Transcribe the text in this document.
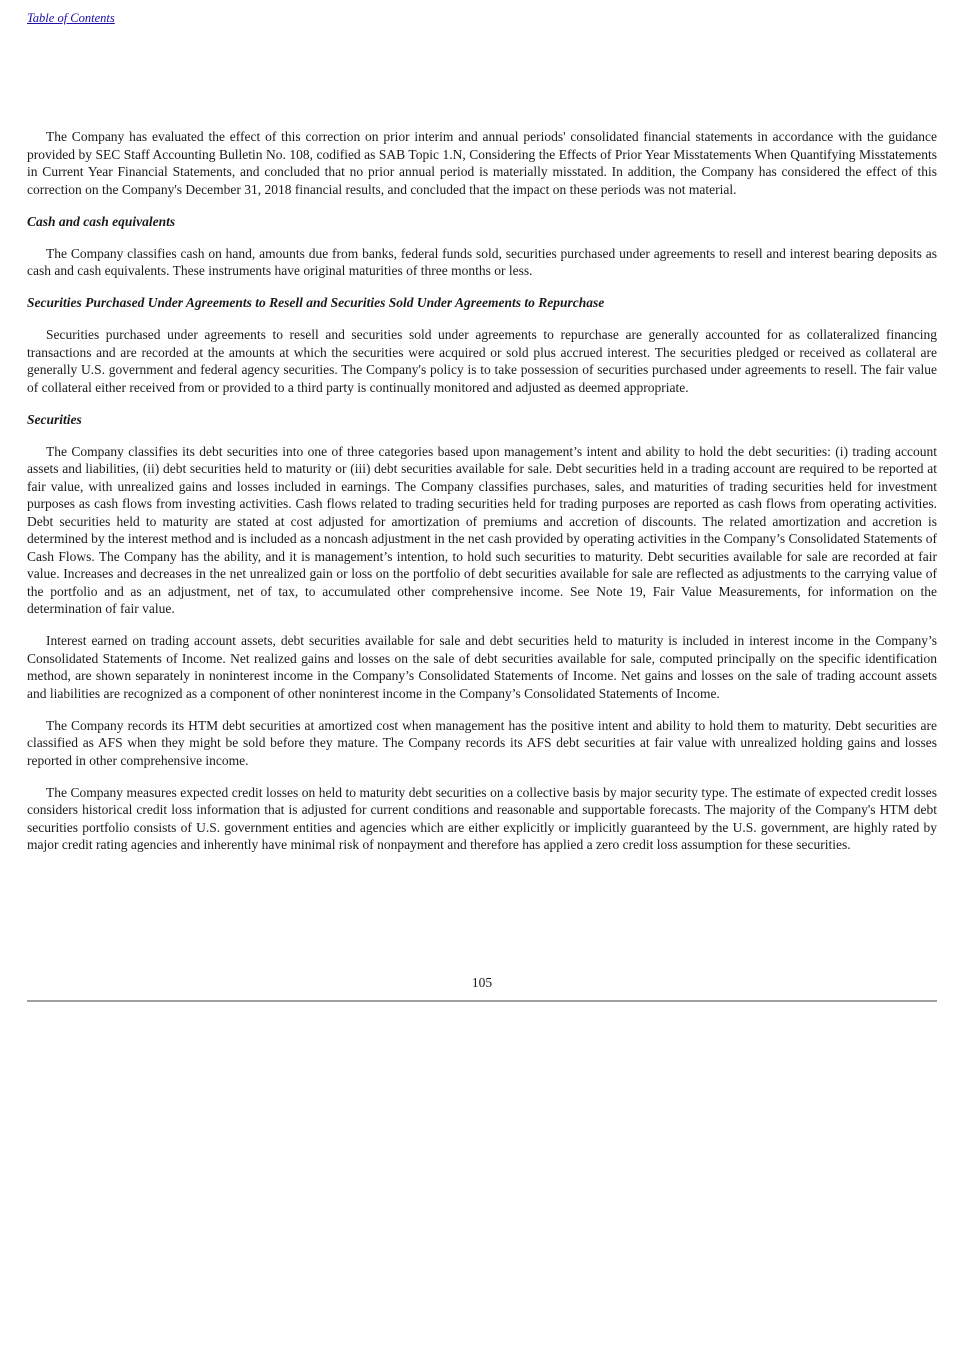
Table of Contents

The Company has evaluated the effect of this correction on prior interim and annual periods' consolidated financial statements in accordance with the guidance provided by SEC Staff Accounting Bulletin No. 108, codified as SAB Topic 1.N, Considering the Effects of Prior Year Misstatements When Quantifying Misstatements in Current Year Financial Statements, and concluded that no prior annual period is materially misstated. In addition, the Company has considered the effect of this correction on the Company's December 31, 2018 financial results, and concluded that the impact on these periods was not material.

Cash and cash equivalents

The Company classifies cash on hand, amounts due from banks, federal funds sold, securities purchased under agreements to resell and interest bearing deposits as cash and cash equivalents. These instruments have original maturities of three months or less.

Securities Purchased Under Agreements to Resell and Securities Sold Under Agreements to Repurchase

Securities purchased under agreements to resell and securities sold under agreements to repurchase are generally accounted for as collateralized financing transactions and are recorded at the amounts at which the securities were acquired or sold plus accrued interest. The securities pledged or received as collateral are generally U.S. government and federal agency securities. The Company's policy is to take possession of securities purchased under agreements to resell. The fair value of collateral either received from or provided to a third party is continually monitored and adjusted as deemed appropriate.

Securities

The Company classifies its debt securities into one of three categories based upon management’s intent and ability to hold the debt securities: (i) trading account assets and liabilities, (ii) debt securities held to maturity or (iii) debt securities available for sale. Debt securities held in a trading account are required to be reported at fair value, with unrealized gains and losses included in earnings. The Company classifies purchases, sales, and maturities of trading securities held for investment purposes as cash flows from investing activities. Cash flows related to trading securities held for trading purposes are reported as cash flows from operating activities. Debt securities held to maturity are stated at cost adjusted for amortization of premiums and accretion of discounts. The related amortization and accretion is determined by the interest method and is included as a noncash adjustment in the net cash provided by operating activities in the Company’s Consolidated Statements of Cash Flows. The Company has the ability, and it is management’s intention, to hold such securities to maturity. Debt securities available for sale are recorded at fair value. Increases and decreases in the net unrealized gain or loss on the portfolio of debt securities available for sale are reflected as adjustments to the carrying value of the portfolio and as an adjustment, net of tax, to accumulated other comprehensive income. See Note 19, Fair Value Measurements, for information on the determination of fair value.

Interest earned on trading account assets, debt securities available for sale and debt securities held to maturity is included in interest income in the Company’s Consolidated Statements of Income. Net realized gains and losses on the sale of debt securities available for sale, computed principally on the specific identification method, are shown separately in noninterest income in the Company’s Consolidated Statements of Income. Net gains and losses on the sale of trading account assets and liabilities are recognized as a component of other noninterest income in the Company’s Consolidated Statements of Income.

The Company records its HTM debt securities at amortized cost when management has the positive intent and ability to hold them to maturity. Debt securities are classified as AFS when they might be sold before they mature. The Company records its AFS debt securities at fair value with unrealized holding gains and losses reported in other comprehensive income.

The Company measures expected credit losses on held to maturity debt securities on a collective basis by major security type. The estimate of expected credit losses considers historical credit loss information that is adjusted for current conditions and reasonable and supportable forecasts. The majority of the Company's HTM debt securities portfolio consists of U.S. government entities and agencies which are either explicitly or implicitly guaranteed by the U.S. government, are highly rated by major credit rating agencies and inherently have minimal risk of nonpayment and therefore has applied a zero credit loss assumption for these securities.

105
